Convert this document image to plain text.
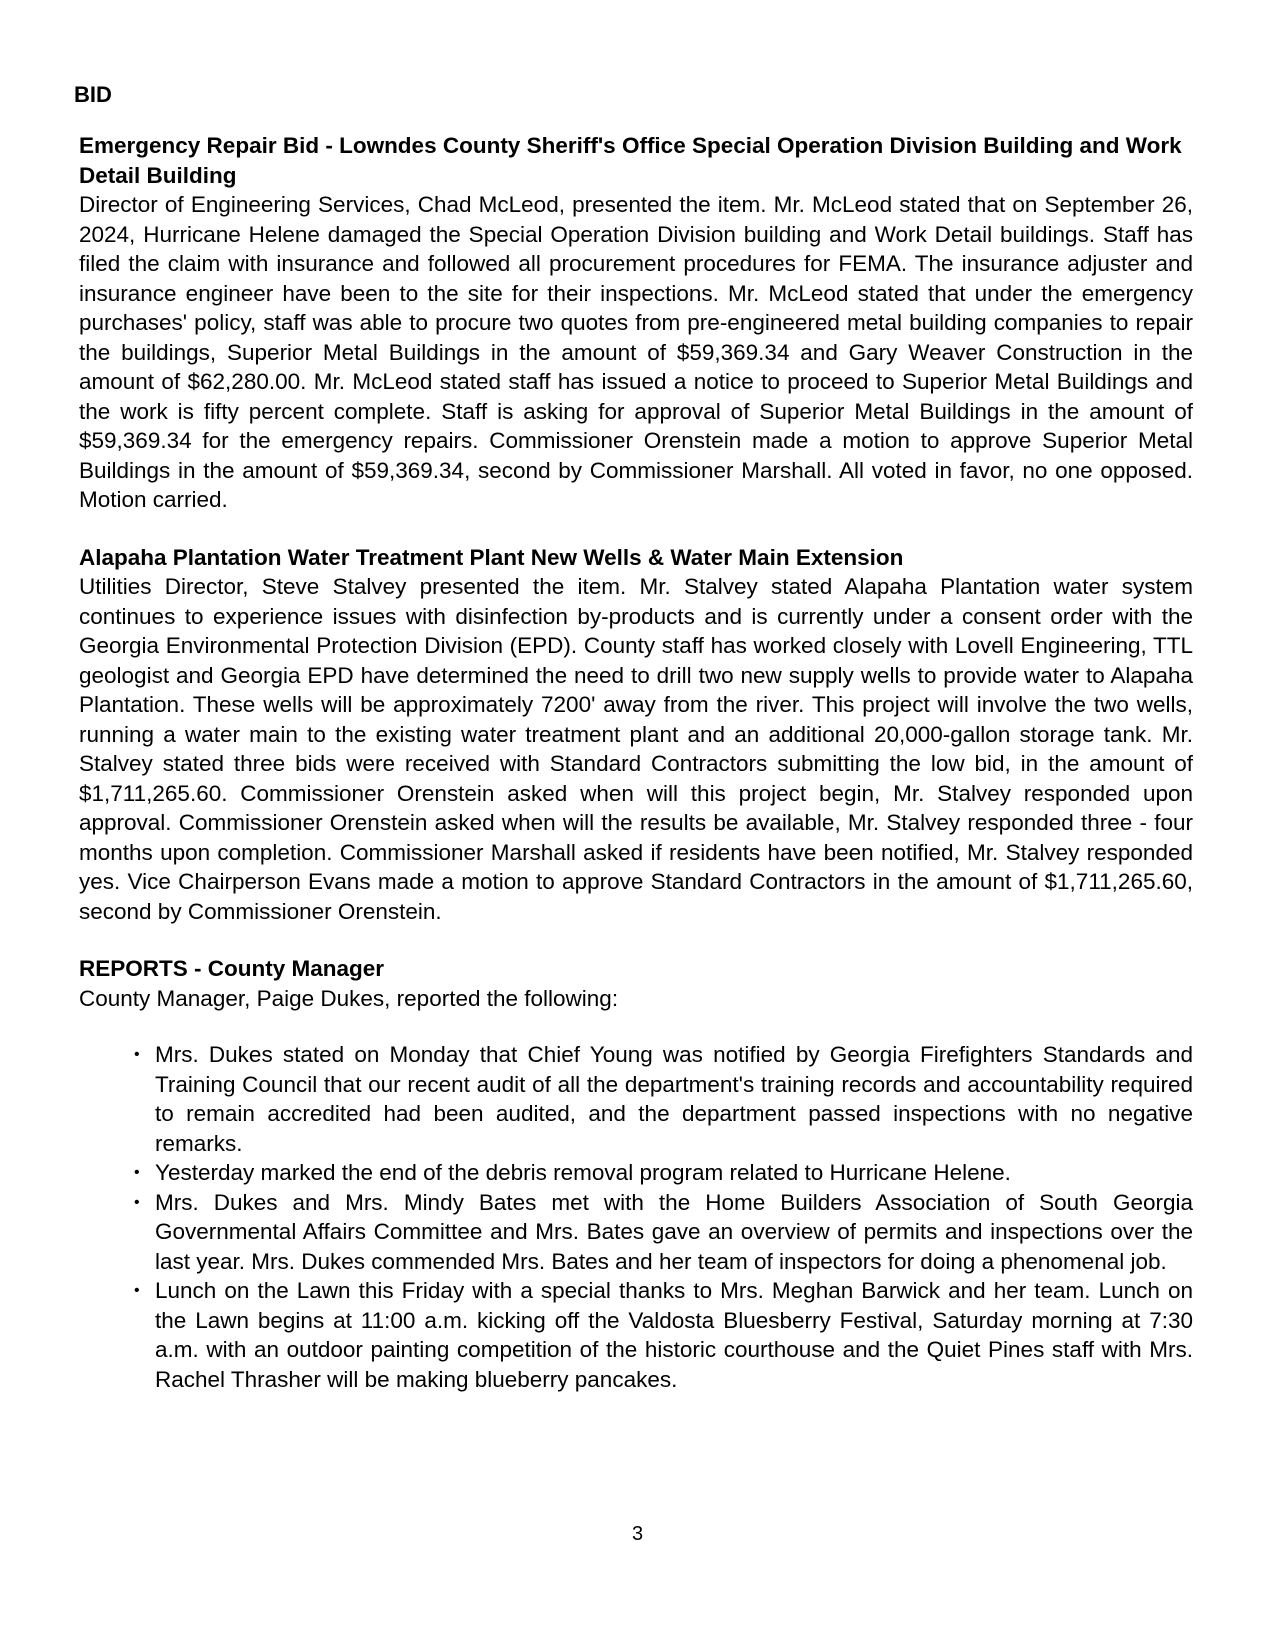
BID
Emergency Repair Bid - Lowndes County Sheriff's Office Special Operation Division Building and Work Detail Building

Director of Engineering Services, Chad McLeod, presented the item. Mr. McLeod stated that on September 26, 2024, Hurricane Helene damaged the Special Operation Division building and Work Detail buildings. Staff has filed the claim with insurance and followed all procurement procedures for FEMA. The insurance adjuster and insurance engineer have been to the site for their inspections. Mr. McLeod stated that under the emergency purchases' policy, staff was able to procure two quotes from pre-engineered metal building companies to repair the buildings, Superior Metal Buildings in the amount of $59,369.34 and Gary Weaver Construction in the amount of $62,280.00. Mr. McLeod stated staff has issued a notice to proceed to Superior Metal Buildings and the work is fifty percent complete. Staff is asking for approval of Superior Metal Buildings in the amount of $59,369.34 for the emergency repairs. Commissioner Orenstein made a motion to approve Superior Metal Buildings in the amount of $59,369.34, second by Commissioner Marshall. All voted in favor, no one opposed. Motion carried.

Alapaha Plantation Water Treatment Plant New Wells & Water Main Extension

Utilities Director, Steve Stalvey presented the item. Mr. Stalvey stated Alapaha Plantation water system continues to experience issues with disinfection by-products and is currently under a consent order with the Georgia Environmental Protection Division (EPD). County staff has worked closely with Lovell Engineering, TTL geologist and Georgia EPD have determined the need to drill two new supply wells to provide water to Alapaha Plantation. These wells will be approximately 7200' away from the river. This project will involve the two wells, running a water main to the existing water treatment plant and an additional 20,000-gallon storage tank. Mr. Stalvey stated three bids were received with Standard Contractors submitting the low bid, in the amount of $1,711,265.60. Commissioner Orenstein asked when will this project begin, Mr. Stalvey responded upon approval. Commissioner Orenstein asked when will the results be available, Mr. Stalvey responded three - four months upon completion. Commissioner Marshall asked if residents have been notified, Mr. Stalvey responded yes. Vice Chairperson Evans made a motion to approve Standard Contractors in the amount of $1,711,265.60, second by Commissioner Orenstein.

REPORTS - County Manager

County Manager, Paige Dukes, reported the following:

• Mrs. Dukes stated on Monday that Chief Young was notified by Georgia Firefighters Standards and Training Council that our recent audit of all the department's training records and accountability required to remain accredited had been audited, and the department passed inspections with no negative remarks.
• Yesterday marked the end of the debris removal program related to Hurricane Helene.
• Mrs. Dukes and Mrs. Mindy Bates met with the Home Builders Association of South Georgia Governmental Affairs Committee and Mrs. Bates gave an overview of permits and inspections over the last year. Mrs. Dukes commended Mrs. Bates and her team of inspectors for doing a phenomenal job.
• Lunch on the Lawn this Friday with a special thanks to Mrs. Meghan Barwick and her team. Lunch on the Lawn begins at 11:00 a.m. kicking off the Valdosta Bluesberry Festival, Saturday morning at 7:30 a.m. with an outdoor painting competition of the historic courthouse and the Quiet Pines staff with Mrs. Rachel Thrasher will be making blueberry pancakes.
3
